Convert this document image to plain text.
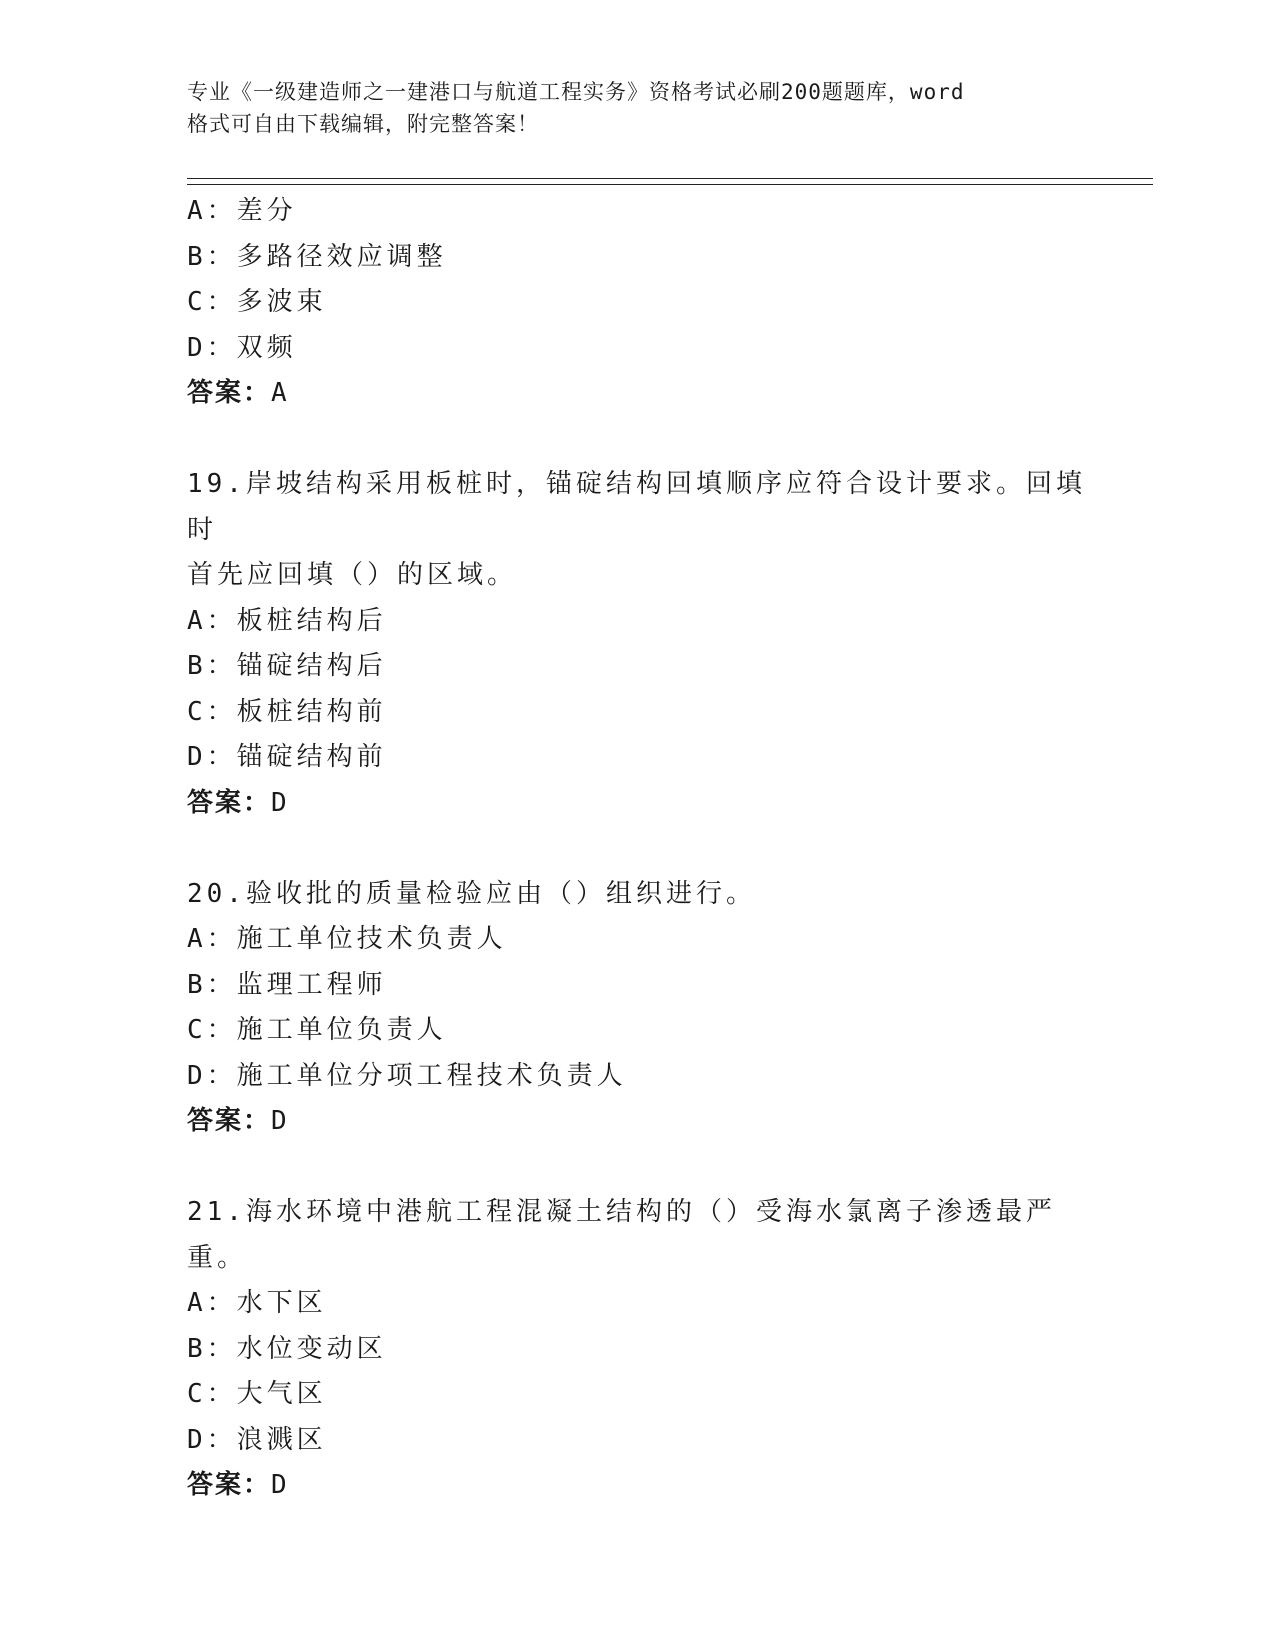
专业《一级建造师之一建港口与航道工程实务》资格考试必刷200题题库，word
格式可自由下载编辑，附完整答案！
A：差分
B：多路径效应调整
C：多波束
D：双频
答案：A
19.岸坡结构采用板桩时，锚碇结构回填顺序应符合设计要求。回填时
首先应回填（）的区域。
A：板桩结构后
B：锚碇结构后
C：板桩结构前
D：锚碇结构前
答案：D
20.验收批的质量检验应由（）组织进行。
A：施工单位技术负责人
B：监理工程师
C：施工单位负责人
D：施工单位分项工程技术负责人
答案：D
21.海水环境中港航工程混凝土结构的（）受海水氯离子渗透最严重。
A：水下区
B：水位变动区
C：大气区
D：浪溅区
答案：D
